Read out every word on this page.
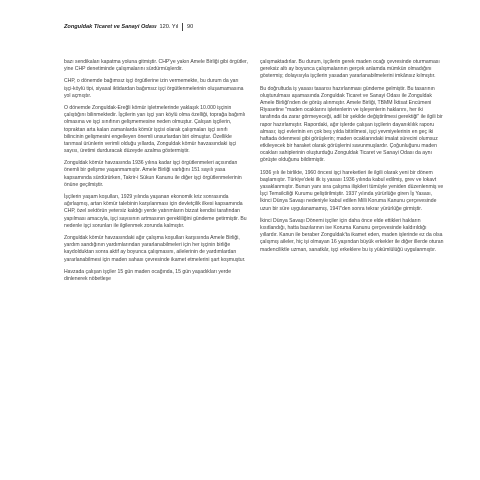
Zonguldak Ticaret ve Sanayi Odası 120. Yıl 90

bazı sendikaları kapatma yoluna gitmiştir. CHP'ye yakın Amele Birliği gibi örgütler, yine CHP denetiminde çalışmalarını sürdürmüşlerdir.

CHP, o dönemde bağımsız işçi örgütlerine izin vermemekte, bu durum da yarı işçi-köylü tipi, siyasal iktidardan bağımsız işçi örgütlenmelerinin oluşamamasına yol açmıştır.

O dönemde Zonguldak-Ereğli kömür işletmelerinde yaklaşık 10.000 işçinin çalıştığını bilinmektedir. İşçilerin yarı işçi yarı köylü olma özelliği, toprağa bağımlı olmasına ve işçi sınıfının gelişmemesine neden olmuştur. Çalışan işçilerin, topraktan arta kalan zamanlarda kömür işçisi olarak çalışmaları işçi sınıfı bilincinin gelişmesini engelleyen önemli unsurlardan biri olmuştur. Özellikle tarımsal ürünlerin verimli olduğu yıllarda, Zonguldak kömür havzasındaki işçi sayısı, üretimi durduracak düzeyde azalma göstermiştir.

Zonguldak kömür havzasında 1936 yılına kadar işçi örgütlenmeleri açısından önemli bir gelişme yaşanmamıştır. Amele Birliği varlığını 151 sayılı yasa kapsamında sürdürürken, Takrir-i Sükun Kanunu ile diğer işçi örgütlenmelerinin önüne geçilmiştir.

İşçilerin yaşam koşulları, 1929 yılında yaşanan ekonomik kriz sonrasında ağırlaşmış, artan kömür talebinin karşılanması için devletçilik ilkesi kapsamında CHP, özel sektörün yetersiz kaldığı yerde yatırımların bizzat kendisi tarafından yapılması amacıyla, işçi sayısının artmasının gerekliliğini gündeme getirmiştir. Bu nedenle işçi sorunları ile ilgilenmek zorunda kalmıştır.

Zonguldak kömür havzasındaki ağır çalışma koşulları karşısında Amele Birliği, yardım sandığının yardımlarından yararlanabilmeleri için her işçinin birliğe kaydolduktan sonra aktif ay boyunca çalışmasını, ailelerinin de yardımlardan yararlanabilmesi için maden sahası çevresinde ikamet etmelerini şart koşmuştur.

Havzada çalışan işçiler 15 gün maden ocağında, 15 gün yaşadıkları yerde dinlenerek nöbetleşe

çalışmaktadırlar. Bu durum, işçilerin gerek maden ocağı çevresinde oturmaması gereksiz altı ay boyunca çalışmalarının gerçek anlamda mümkün olmadığını göstermiş; dolayısıyla işçilerin yasadan yararlanabilmelerini imkânsız kılmıştır.

Bu doğrultuda iş yasası tasarısı hazırlanması gündeme gelmiştir. Bu tasarının oluşturulması aşamasında Zonguldak Ticaret ve Sanayi Odası ile Zonguldak Amele Birliği'nden de görüş alınmıştır. Amele Birliği, TBMM İktisat Encümeni Riyasetine "maden ocaklarını işletenlerin ve işleyenlerin haklarını, her iki tarafında da zarar görmeyeceği, adil bir şekilde değiştirilmesi gerektiği" ile ilgili bir rapor hazırlamıştır. Rapordaki, ağır işlerde çalışan işçilerin dayanıklılık raporu alması; işçi evlerinin en çok beş yılda bitirilmesi, işçi yevmiyelerinin en geç iki haftada ödenmesi gibi görüşlerin; maden ocaklarındaki imalat sürecini olumsuz etkileyecek bir haraket olarak görüşlerini savunmuşlardır. Çoğunluğunu maden ocakları sahiplerinin oluşturduğu Zonguldak Ticaret ve Sanayi Odası da aynı görüşte olduğunu bildirmiştir.

1936 yılı ile birlikte, 1960 öncesi işçi hareketleri ile ilgili olarak yeni bir dönem başlamıştır. Türkiye'deki ilk iş yasası 1936 yılında kabul edilmiş, grev ve lokavt yasaklanmıştır. Bunun yanı sıra çalışma ilişkileri tümüyle yeniden düzenlenmiş ve İşçi Temsilciliği Kurumu geliştirilmiştir. 1937 yılında yürürlüğe giren İş Yasası, İkinci Dünya Savaşı nedeniyle kabul edilen Milli Koruma Kanunu çerçevesinde uzun bir süre uygulanamamış, 1947'den sonra tekrar yürürlüğe girmiştir.

İkinci Dünya Savaşı Dönemi işçiler için daha önce elde ettikleri hakların kısıtlandığı, hatta bazılarının ise Koruma Kanunu çerçevesinde kaldırıldığı yıllardır. Kanun ile beraber Zonguldak'ta ikamet eden, maden işlerinde ez da olsa çalışmış aileler, hiç işi olmayan 16 yaşından büyük erkekler ile diğer illerde oturan madenciliktle uzman, sanatkâr, işçi erkeklere bu iş yükümlülüğü uygulanmıştır.
